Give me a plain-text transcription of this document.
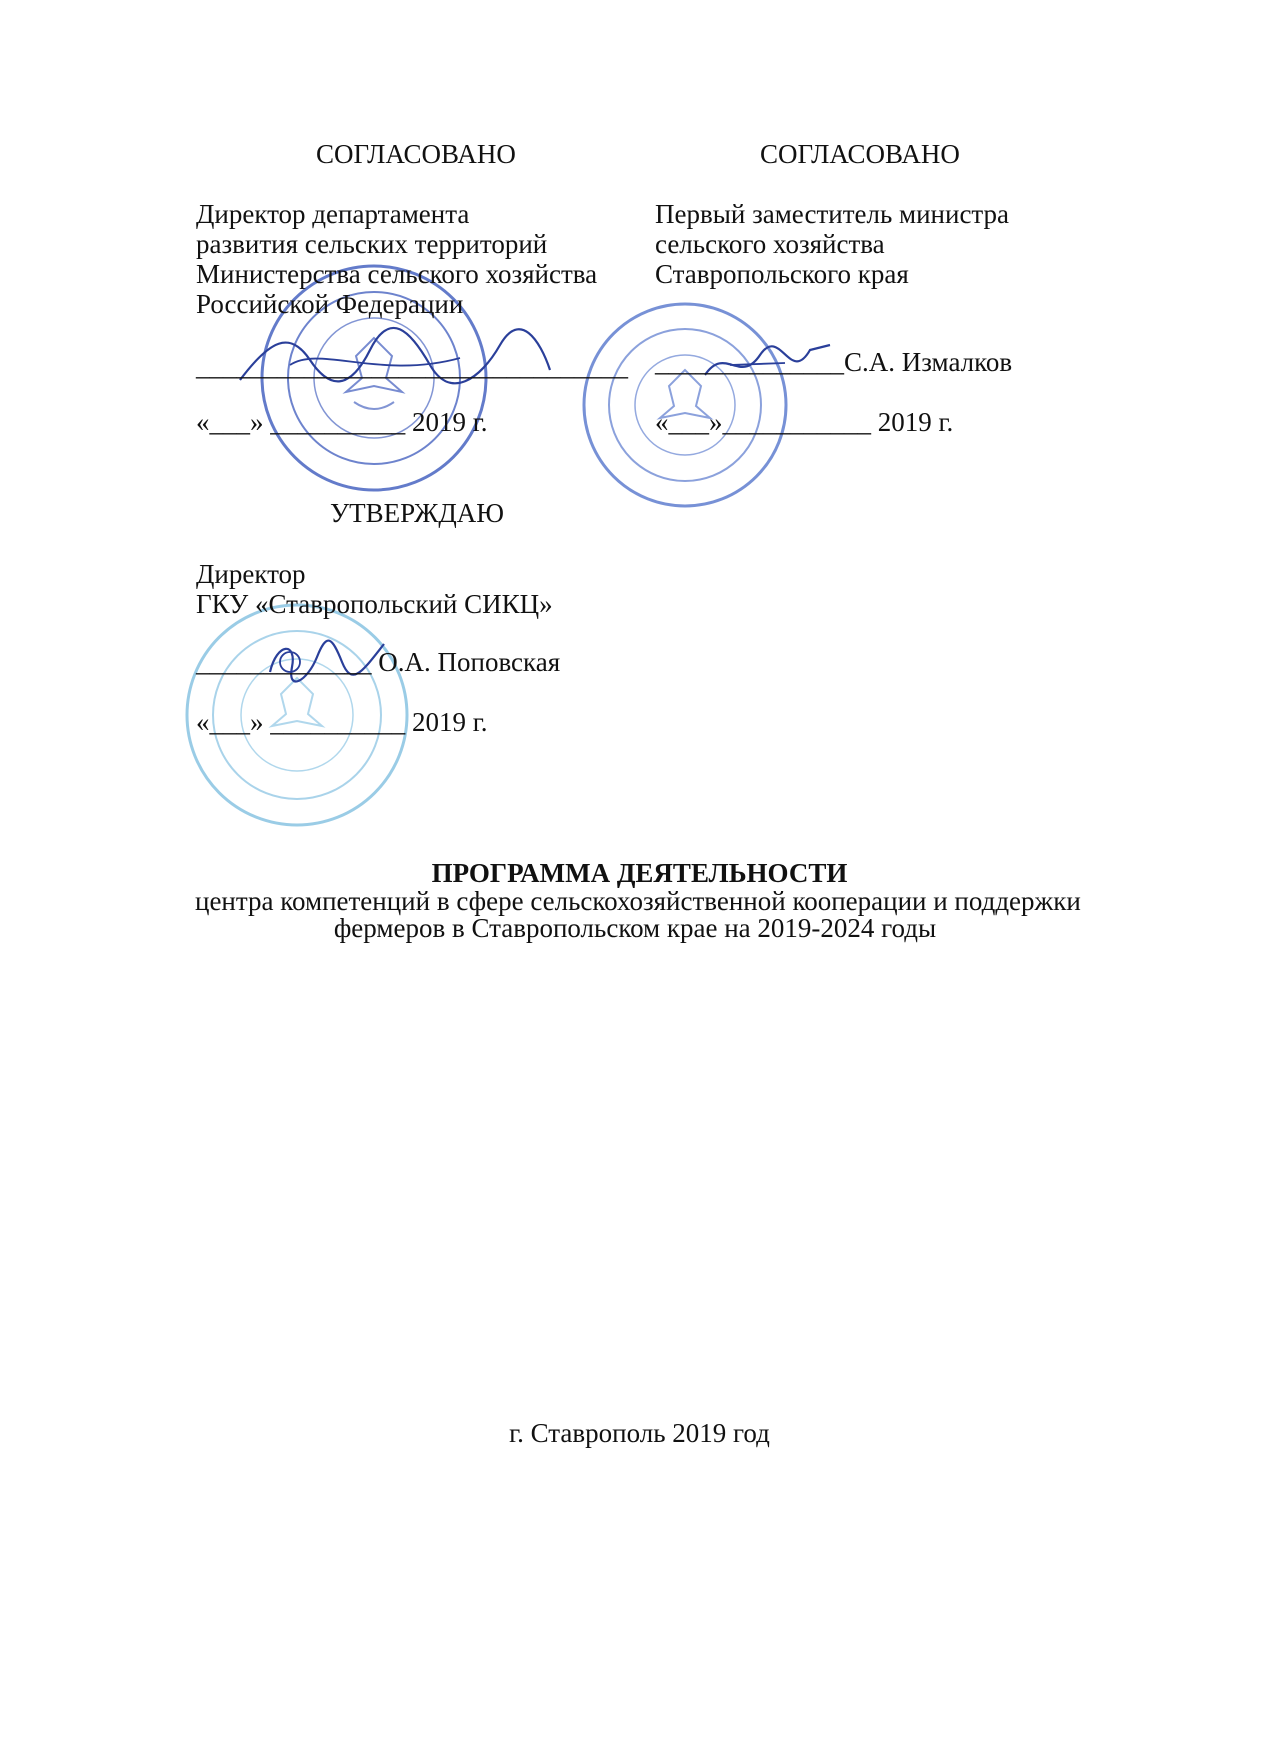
СОГЛАСОВАНО
Директор департамента
развития сельских территорий
Министерства сельского хозяйства
Российской Федерации
________________________________
«___» __________ 2019 г.
СОГЛАСОВАНО
Первый заместитель министра
сельского хозяйства
Ставропольского края
______________С.А. Измалков
«___»___________ 2019 г.
УТВЕРЖДАЮ
Директор
ГКУ «Ставропольский СИКЦ»
_____________ О.А. Поповская
«___» __________ 2019 г.
ПРОГРАММА ДЕЯТЕЛЬНОСТИ
центра компетенций в сфере сельскохозяйственной кооперации и поддержки
фермеров в Ставропольском крае на 2019-2024 годы
г. Ставрополь 2019 год
